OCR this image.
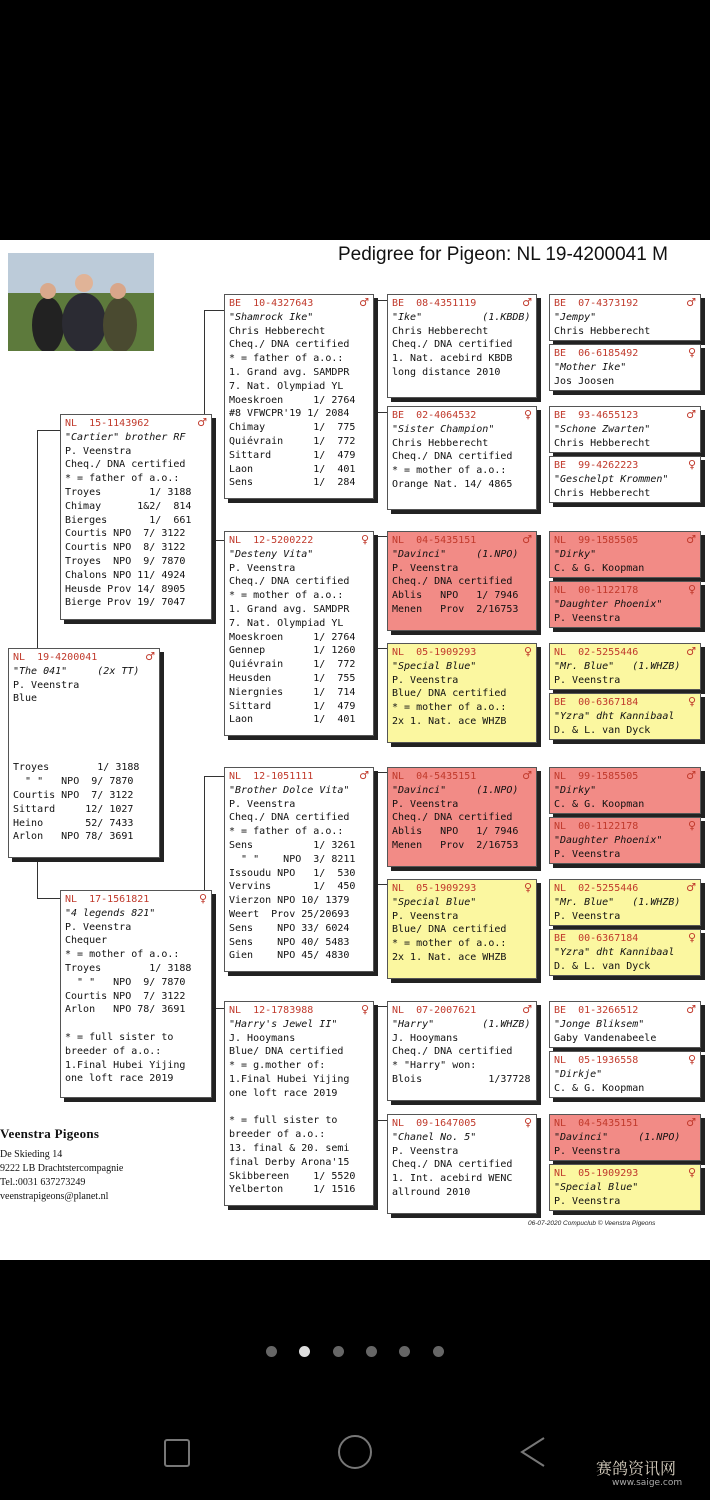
Pedigree for Pigeon: NL 19-4200041 M
NL  19-4200041	♂
"The 041"     (2x TT)
P. Veenstra
Blue
Troyes        1/ 3188
" "   NPO  9/ 7870
Courtis NPO  7/ 3122
Sittard     12/ 1027
Heino       52/ 7433
Arlon   NPO 78/ 3691
NL  15-1143962	♂
"Cartier" brother RF
P. Veenstra
Cheq./ DNA certified
* = father of a.o.:
Troyes        1/ 3188
Chimay      1&2/  814
Bierges       1/  661
Courtis NPO  7/ 3122
Courtis NPO  8/ 3122
Troyes  NPO  9/ 7870
Chalons NPO 11/ 4924
Heusde Prov 14/ 8905
Bierge Prov 19/ 7047
NL  17-1561821	♀
"4 legends 821"
P. Veenstra
Chequer
* = mother of a.o.:
Troyes        1/ 3188
" "   NPO  9/ 7870
Courtis NPO  7/ 3122
Arlon   NPO 78/ 3691
* = full sister to
breeder of a.o.:
1.Final Hubei Yijing
one loft race 2019
BE  10-4327643	♂
"Shamrock Ike"
Chris Hebberecht
Cheq./ DNA certified
* = father of a.o.:
1. Grand avg. SAMDPR
7. Nat. Olympiad YL
Moeskroen     1/ 2764
#8 VFWCPR'19 1/ 2084
Chimay        1/  775
Quiévrain     1/  772
Sittard       1/  479
Laon          1/  401
Sens          1/  284
NL  12-5200222	♀
"Desteny Vita"
P. Veenstra
Cheq./ DNA certified
* = mother of a.o.:
1. Grand avg. SAMDPR
7. Nat. Olympiad YL
Moeskroen     1/ 2764
Gennep        1/ 1260
Quiévrain     1/  772
Heusden       1/  755
Niergnies     1/  714
Sittard       1/  479
Laon          1/  401
NL  12-1051111	♂
"Brother Dolce Vita"
P. Veenstra
Cheq./ DNA certified
* = father of a.o.:
Sens          1/ 3261
" "    NPO  3/ 8211
Issoudu NPO   1/  530
Vervins       1/  450
Vierzon NPO 10/ 1379
Weert  Prov 25/20693
Sens    NPO 33/ 6024
Sens    NPO 40/ 5483
Gien    NPO 45/ 4830
NL  12-1783988	♀
"Harry's Jewel II"
J. Hooymans
Blue/ DNA certified
* = g.mother of:
1.Final Hubei Yijing
one loft race 2019
* = full sister to
breeder of a.o.:
13. final & 20. semi
final Derby Arona'15
Skibbereen    1/ 5520
Yelberton     1/ 1516
BE  08-4351119	♂
"Ike"          (1.KBDB)
Chris Hebberecht
Cheq./ DNA certified
1. Nat. acebird KBDB
long distance 2010
BE  02-4064532	♀
"Sister Champion"
Chris Hebberecht
Cheq./ DNA certified
* = mother of a.o.:
Orange Nat. 14/ 4865
NL  04-5435151	♂
"Davinci"     (1.NPO)
P. Veenstra
Cheq./ DNA certified
Ablis   NPO   1/ 7946
Menen   Prov  2/16753
NL  05-1909293	♀
"Special Blue"
P. Veenstra
Blue/ DNA certified
* = mother of a.o.:
2x 1. Nat. ace WHZB
NL  04-5435151	♂
"Davinci"     (1.NPO)
P. Veenstra
Cheq./ DNA certified
Ablis   NPO   1/ 7946
Menen   Prov  2/16753
NL  05-1909293	♀
"Special Blue"
P. Veenstra
Blue/ DNA certified
* = mother of a.o.:
2x 1. Nat. ace WHZB
NL  07-2007621	♂
"Harry"        (1.WHZB)
J. Hooymans
Cheq./ DNA certified
* "Harry" won:
Blois           1/37728
NL  09-1647005	♀
"Chanel No. 5"
P. Veenstra
Cheq./ DNA certified
1. Int. acebird WENC
allround 2010
BE  07-4373192	♂
"Jempy"
Chris Hebberecht
BE  06-6185492	♀
"Mother Ike"
Jos Joosen
BE  93-4655123	♂
"Schone Zwarten"
Chris Hebberecht
BE  99-4262223	♀
"Geschelpt Krommen"
Chris Hebberecht
NL  99-1585505	♂
"Dirky"
C. & G. Koopman
NL  00-1122178	♀
"Daughter Phoenix"
P. Veenstra
NL  02-5255446	♂
"Mr. Blue"   (1.WHZB)
P. Veenstra
BE  00-6367184	♀
"Yzra" dht Kannibaal
D. & L. van Dyck
NL  99-1585505	♂
"Dirky"
C. & G. Koopman
NL  00-1122178	♀
"Daughter Phoenix"
P. Veenstra
NL  02-5255446	♂
"Mr. Blue"   (1.WHZB)
P. Veenstra
BE  00-6367184	♀
"Yzra" dht Kannibaal
D. & L. van Dyck
BE  01-3266512	♂
"Jonge Bliksem"
Gaby Vandenabeele
NL  05-1936558	♀
"Dirkje"
C. & G. Koopman
NL  04-5435151	♂
"Davinci"     (1.NPO)
P. Veenstra
NL  05-1909293	♀
"Special Blue"
P. Veenstra
Veenstra Pigeons
De Skieding 14
9222 LB Drachtstercompagnie
Tel.:0031 637273249
veenstrapigeons@planet.nl
06-07-2020 Compuclub © Veenstra Pigeons
赛鸽资讯网
www.saige.com
